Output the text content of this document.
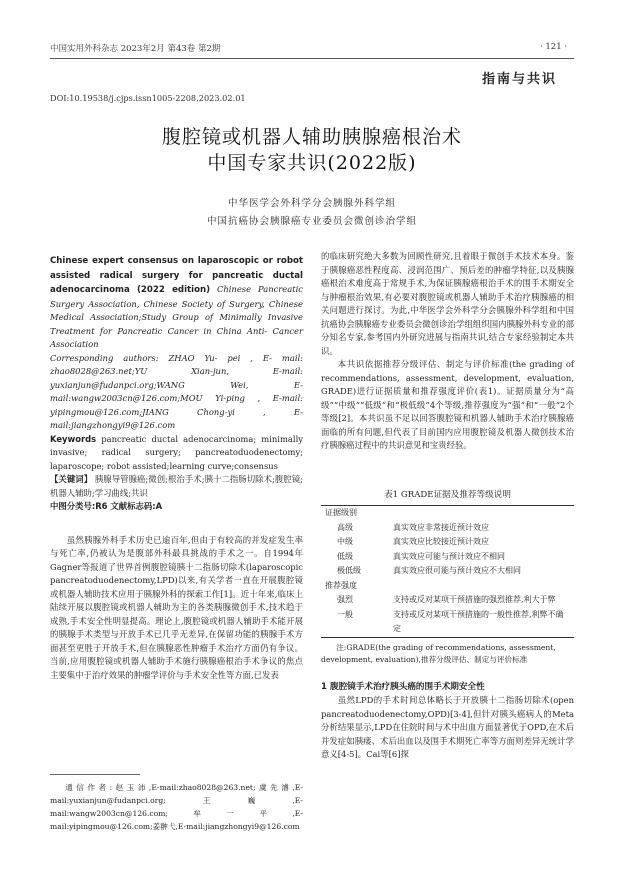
中国实用外科杂志 2023年2月 第43卷 第2期	· 121 ·
指南与共识
DOI:10.19538/j.cjps.issn1005-2208.2023.02.01
腹腔镜或机器人辅助胰腺癌根治术
中国专家共识(2022版)
中华医学会外科学分会胰腺外科学组
中国抗癌协会胰腺癌专业委员会微创诊治学组

Chinese expert consensus on laparoscopic or robot assisted radical surgery for pancreatic ductal adenocarcinoma (2022 edition) Chinese Pancreatic Surgery Association, Chinese Society of Surgery, Chinese Medical Association;Study Group of Minimally Invasive Treatment for Pancreatic Cancer in China Anti- Cancer Association

Corresponding authors: ZHAO Yu- pei , E- mail: zhao8028@263.net;YU Xian-jun, E-mail: yuxianjun@fudanpci.org;WANG Wei, E-mail:wangw2003cn@126.com;MOU Yi-ping , E-mail: yipingmou@126.com;JIANG Chong-yi , E-mail:jiangzhongyi9@126.com

Keywords pancreatic ductal adenocarcinoma; minimally invasive; radical surgery; pancreatoduodenectomy; laparoscope; robot assisted;learning curve;consensus

【关键词】 胰腺导管腺癌;微创;根治手术;胰十二指肠切除术;腹腔镜;机器人辅助;学习曲线;共识

中图分类号:R6 文献标志码:A

虽然胰腺外科手术历史已逾百年,但由于有较高的并发症发生率与死亡率,仍被认为是腹部外科最具挑战的手术之一。自1994年Gagner等报道了世界首例腹腔镜胰十二指肠切除术(laparoscopic pancreatoduodenectomy,LPD)以来,有关学者一直在开展腹腔镜或机器人辅助技术应用于胰腺外科的探索工作[1]。近十年来,临床上陆续开展以腹腔镜或机器人辅助为主的各类胰腺微创手术,技术趋于成熟,手术安全性明显提高。理论上,腹腔镜或机器人辅助手术能开展的胰腺手术类型与开放手术已几乎无差异,在保留功能的胰腺手术方面甚至更胜于开放手术,但在胰腺恶性肿瘤手术治疗方面仍有争议。当前,应用腹腔镜或机器人辅助手术施行胰腺癌根治手术争议的焦点主要集中于治疗效果的肿瘤学评价与手术安全性等方面,已发表

通信作者:赵玉沛,E-mail:zhao8028@263.net;虞先濬,E-mail:yuxianjun@fudanpci.org;王巍,E-mail:wangw2003cn@126.com;牟一平,E-mail:yipingmou@126.com;姜翀弋,E-mail:jiangzhongyi9@126.com

的临床研究绝大多数为回顾性研究,且着眼于微创手术技术本身。鉴于胰腺癌恶性程度高、浸润范围广、预后差的肿瘤学特征,以及胰腺癌根治术难度高于常规手术,为保证胰腺癌根治手术的围手术期安全与肿瘤根治效果,有必要对腹腔镜或机器人辅助手术治疗胰腺癌的相关问题进行探讨。为此,中华医学会外科学分会胰腺外科学组和中国抗癌协会胰腺癌专业委员会微创诊治学组组织国内胰腺外科专业的部分知名专家,参考国内外研究进展与指南共识,结合专家经验制定本共识。

本共识依据推荐分级评估、制定与评价标准(the grading of recommendations, assessment, development, evaluation, GRADE)进行证据质量和推荐强度评价(表1)。证据质量分为“高级”“中级”“低级”和“极低级”4个等级,推荐强度为“强”和“一般”2个等级[2]。本共识虽不足以回答腹腔镜和机器人辅助手术治疗胰腺癌面临的所有问题,但代表了目前国内应用腹腔镜及机器人微创技术治疗胰腺癌过程中的共识意见和宝贵经验。

表1 GRADE证据及推荐等级说明

证据级别	
高级	真实效应非常接近预计效应
中级	真实效应比较接近预计效应
低级	真实效应可能与预计效应不相同
极低级	真实效应很可能与预计效应不大相同
推荐强度	
强烈	支持或反对某项干预措施的强烈推荐,利大于弊
一般	支持或反对某项干预措施的一般性推荐,利弊不确定

注:GRADE(the grading of recommendations, assessment, development, evaluation),推荐分级评估、制定与评价标准

1 腹腔镜手术治疗胰头癌的围手术期安全性

虽然LPD的手术时间总体略长于开放胰十二指肠切除术(open pancreatoduodenectomy,OPD)[3-4],但针对胰头癌病人的Meta分析结果显示,LPD在住院时间与术中出血方面显著优于OPD,在术后并发症如胰瘘、术后出血以及围手术期死亡率等方面则差异无统计学意义[4-5]。Cai等[6]探
